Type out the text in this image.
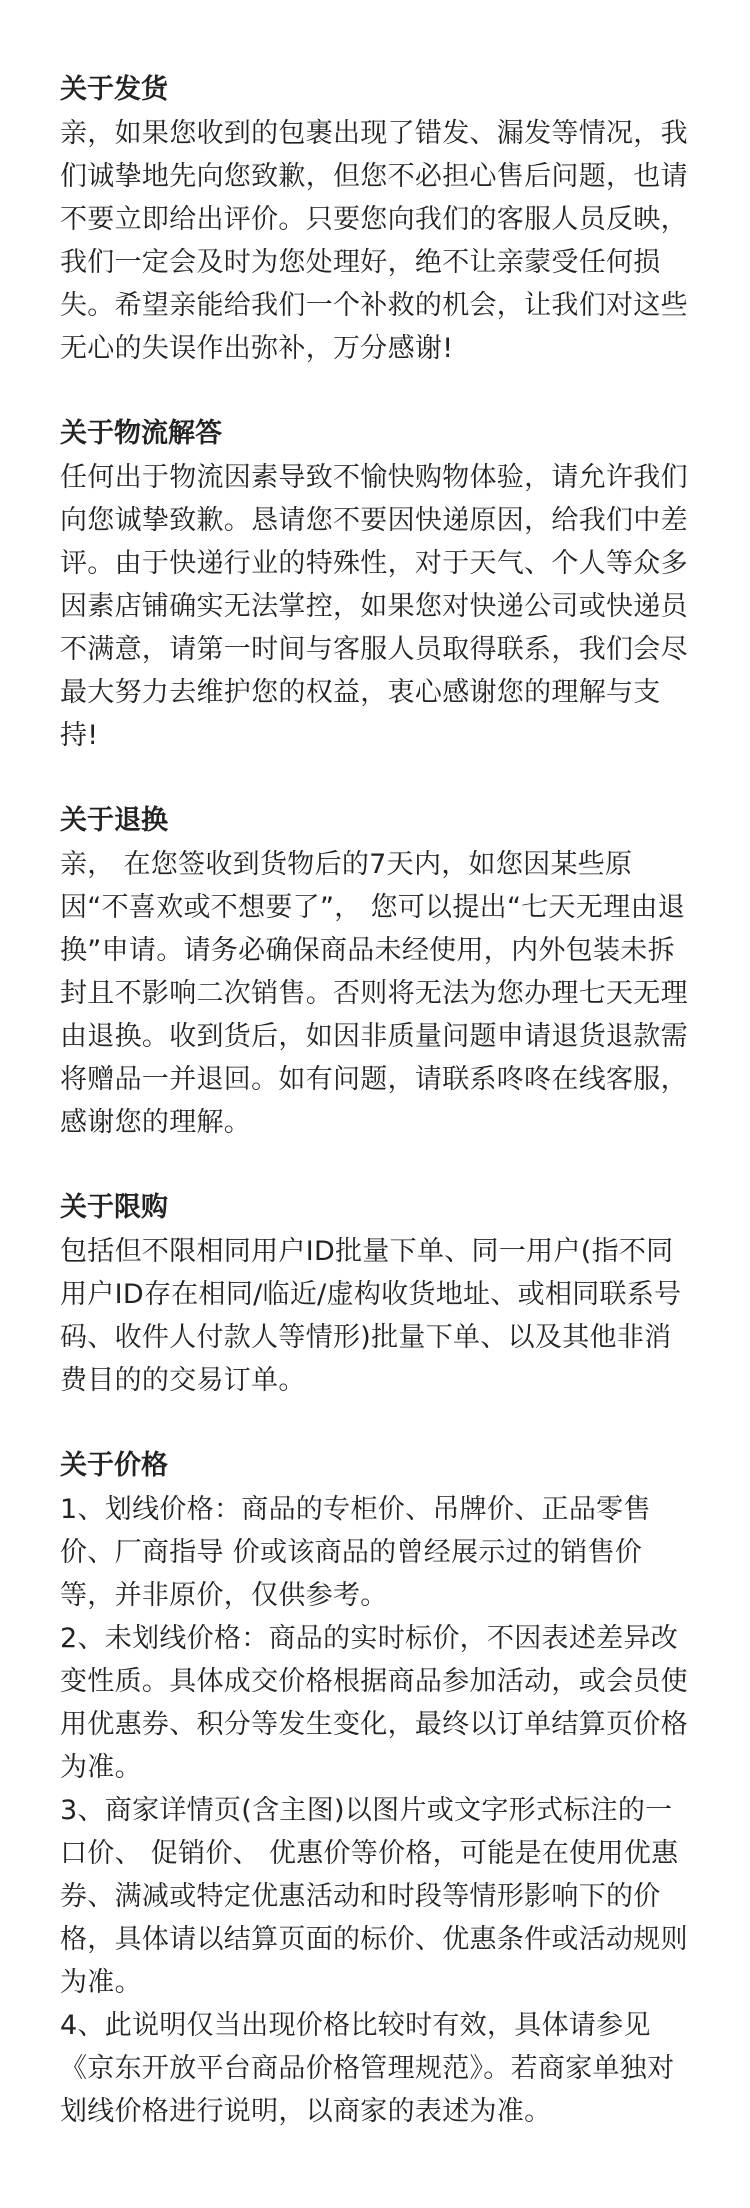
关于发货

亲，如果您收到的包裹出现了错发、漏发等情况，我们诚挚地先向您致歉，但您不必担心售后问题，也请不要立即给出评价。只要您向我们的客服人员反映，我们一定会及时为您处理好，绝不让亲蒙受任何损失。希望亲能给我们一个补救的机会，让我们对这些无心的失误作出弥补，万分感谢!

关于物流解答

任何出于物流因素导致不愉快购物体验，请允许我们向您诚挚致歉。恳请您不要因快递原因，给我们中差评。由于快递行业的特殊性，对于天气、个人等众多因素店铺确实无法掌控，如果您对快递公司或快递员不满意，请第一时间与客服人员取得联系，我们会尽最大努力去维护您的权益，衷心感谢您的理解与支持!

关于退换

亲， 在您签收到货物后的7天内，如您因某些原因“不喜欢或不想要了”， 您可以提出“七天无理由退换”申请。请务必确保商品未经使用，内外包装未拆封且不影响二次销售。否则将无法为您办理七天无理由退换。收到货后，如因非质量问题申请退货退款需将赠品一并退回。如有问题，请联系咚咚在线客服，感谢您的理解。

关于限购

包括但不限相同用户ID批量下单、同一用户(指不同用户ID存在相同/临近/虚构收货地址、或相同联系号码、收件人付款人等情形)批量下单、以及其他非消费目的的交易订单。

关于价格

1、划线价格：商品的专柜价、吊牌价、正品零售价、厂商指导 价或该商品的曾经展示过的销售价等，并非原价，仅供参考。

2、未划线价格：商品的实时标价，不因表述差异改变性质。具体成交价格根据商品参加活动，或会员使用优惠券、积分等发生变化，最终以订单结算页价格为准。

3、商家详情页(含主图)以图片或文字形式标注的一口价、 促销价、 优惠价等价格，可能是在使用优惠券、满减或特定优惠活动和时段等情形影响下的价格，具体请以结算页面的标价、优惠条件或活动规则为准。

4、此说明仅当出现价格比较时有效，具体请参见《京东开放平台商品价格管理规范》。若商家单独对划线价格进行说明，以商家的表述为准。
